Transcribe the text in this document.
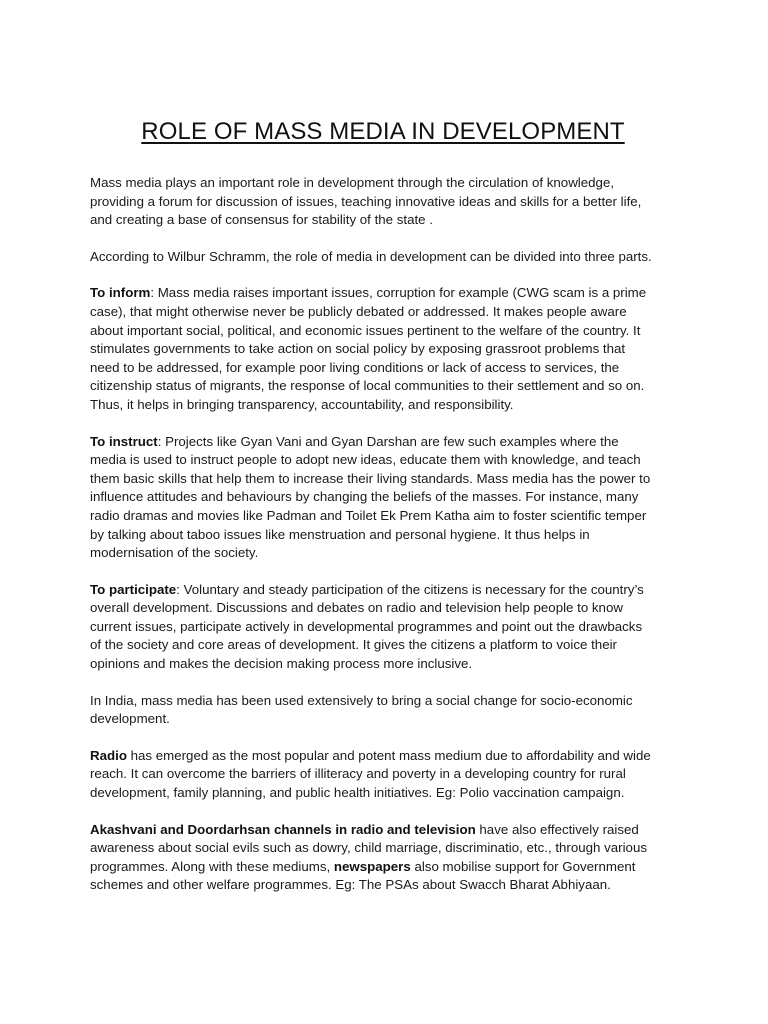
ROLE OF MASS MEDIA IN DEVELOPMENT

Mass media plays an important role in development through the circulation of knowledge,
providing a forum for discussion of issues, teaching innovative ideas and skills for a better life,
and creating a base of consensus for stability of the state .

According to Wilbur Schramm, the role of media in development can be divided into three parts.

To inform: Mass media raises important issues, corruption for example (CWG scam is a prime
case), that might otherwise never be publicly debated or addressed. It makes people aware
about important social, political, and economic issues pertinent to the welfare of the country. It
stimulates governments to take action on social policy by exposing grassroot problems that
need to be addressed, for example poor living conditions or lack of access to services, the
citizenship status of migrants, the response of local communities to their settlement and so on.
Thus, it helps in bringing transparency, accountability, and responsibility.

To instruct: Projects like Gyan Vani and Gyan Darshan are few such examples where the
media is used to instruct people to adopt new ideas, educate them with knowledge, and teach
them basic skills that help them to increase their living standards. Mass media has the power to
influence attitudes and behaviours by changing the beliefs of the masses. For instance, many
radio dramas and movies like Padman and Toilet Ek Prem Katha aim to foster scientific temper
by talking about taboo issues like menstruation and personal hygiene. It thus helps in
modernisation of the society.

To participate: Voluntary and steady participation of the citizens is necessary for the country’s
overall development. Discussions and debates on radio and television help people to know
current issues, participate actively in developmental programmes and point out the drawbacks
of the society and core areas of development. It gives the citizens a platform to voice their
opinions and makes the decision making process more inclusive.

In India, mass media has been used extensively to bring a social change for socio-economic
development.

Radio has emerged as the most popular and potent mass medium due to affordability and wide
reach. It can overcome the barriers of illiteracy and poverty in a developing country for rural
development, family planning, and public health initiatives. Eg: Polio vaccination campaign.

Akashvani and Doordarhsan channels in radio and television have also effectively raised
awareness about social evils such as dowry, child marriage, discriminatio, etc., through various
programmes. Along with these mediums, newspapers also mobilise support for Government
schemes and other welfare programmes. Eg: The PSAs about Swacch Bharat Abhiyaan.
